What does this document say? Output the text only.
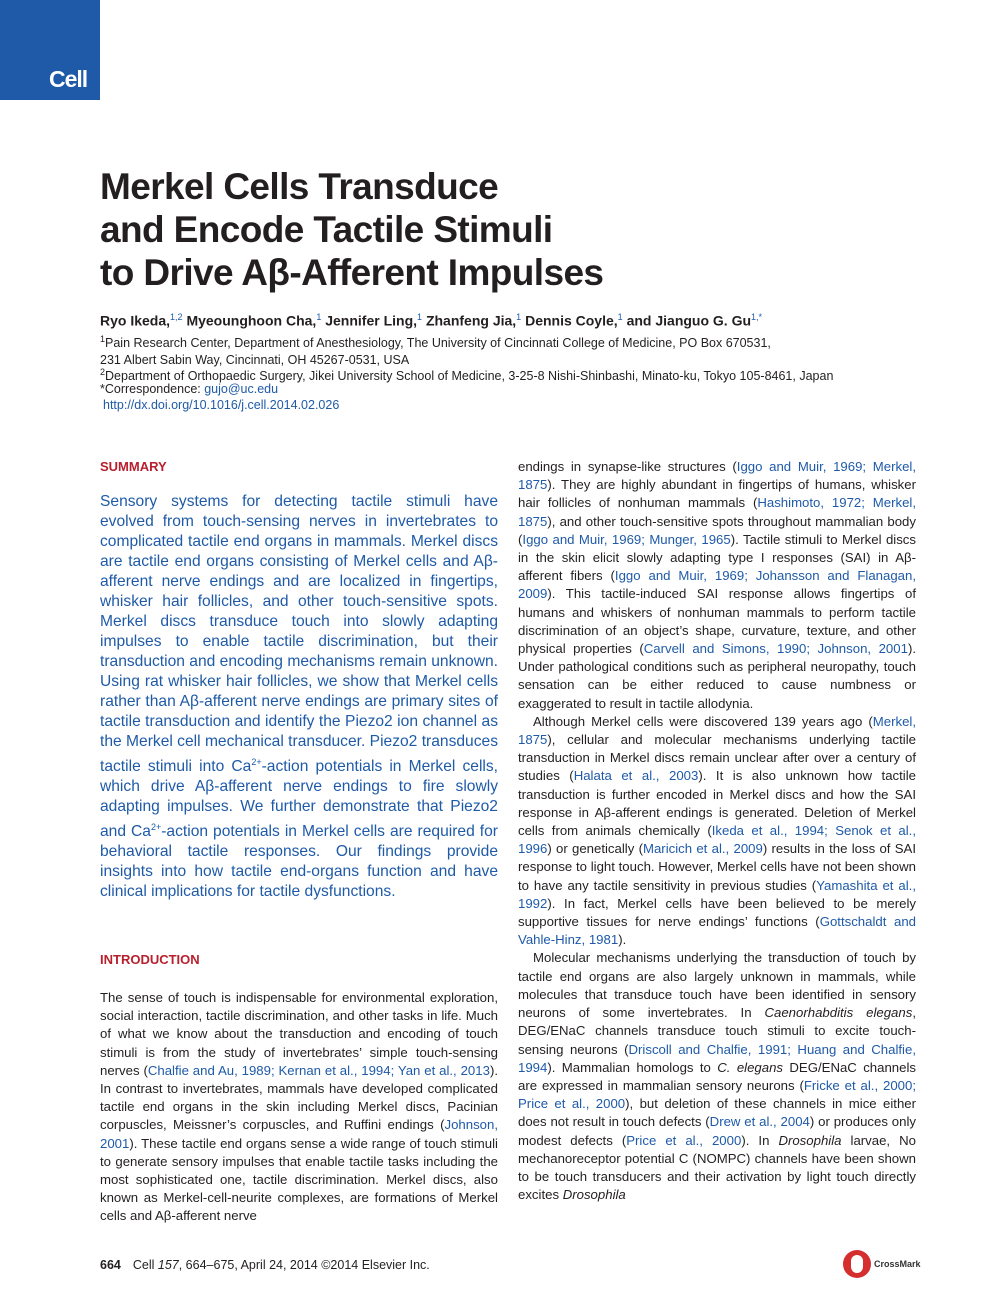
Cell
Merkel Cells Transduce
and Encode Tactile Stimuli
to Drive Aβ-Afferent Impulses
Ryo Ikeda,$^{1,2}$ Myeounghoon Cha,$^1$ Jennifer Ling,$^1$ Zhanfeng Jia,$^1$ Dennis Coyle,$^1$ and Jianguo G. $Gu^{1,*}$
$^1$Pain Research Center, Department of Anesthesiology, The University of Cincinnati College of Medicine, PO Box 670531,
231 Albert Sabin Way, Cincinnati, OH 45267-0531, USA
$^2$Department of Orthopaedic Surgery, Jikei University School of Medicine, 3-25-8 Nishi-Shinbashi, Minato-ku, Tokyo 105-8461, Japan
*Correspondence: gujo@uc.edu
http://dx.doi.org/10.1016/j.cell.2014.02.026
SUMMARY
Sensory systems for detecting tactile stimuli have evolved from touch-sensing nerves in invertebrates to complicated tactile end organs in mammals. Merkel discs are tactile end organs consisting of Merkel cells and Aβ-afferent nerve endings and are localized in fingertips, whisker hair follicles, and other touch-sensitive spots. Merkel discs transduce touch into slowly adapting impulses to enable tactile discrimination, but their transduction and encoding mechanisms remain unknown. Using rat whisker hair follicles, we show that Merkel cells rather than Aβ-afferent nerve endings are primary sites of tactile transduction and identify the Piezo2 ion channel as the Merkel cell mechanical transducer. Piezo2 transduces tactile stimuli into $Ca^{2+}$-action potentials in Merkel cells, which drive Aβ-afferent nerve endings to fire slowly adapting impulses. We further demonstrate that Piezo2 and $Ca^{2+}$-action potentials in Merkel cells are required for behavioral tactile responses. Our findings provide insights into how tactile end-organs function and have clinical implications for tactile dysfunctions.
INTRODUCTION

The sense of touch is indispensable for environmental exploration, social interaction, tactile discrimination, and other tasks in life. Much of what we know about the transduction and encoding of touch stimuli is from the study of invertebrates’ simple touch-sensing nerves (Chalfie and Au, 1989; Kernan et al., 1994; Yan et al., 2013). In contrast to invertebrates, mammals have developed complicated tactile end organs in the skin including Merkel discs, Pacinian corpuscles, Meissner’s corpuscles, and Ruffini endings (Johnson, 2001). These tactile end organs sense a wide range of touch stimuli to generate sensory impulses that enable tactile tasks including the most sophisticated one, tactile discrimination. Merkel discs, also known as Merkel-cell-neurite complexes, are formations of Merkel cells and Aβ-afferent nerve

endings in synapse-like structures (Iggo and Muir, 1969; Merkel, 1875). They are highly abundant in fingertips of humans, whisker hair follicles of nonhuman mammals (Hashimoto, 1972; Merkel, 1875), and other touch-sensitive spots throughout mammalian body (Iggo and Muir, 1969; Munger, 1965). Tactile stimuli to Merkel discs in the skin elicit slowly adapting type I responses (SAI) in Aβ-afferent fibers (Iggo and Muir, 1969; Johansson and Flanagan, 2009). This tactile-induced SAI response allows fingertips of humans and whiskers of nonhuman mammals to perform tactile discrimination of an object’s shape, curvature, texture, and other physical properties (Carvell and Simons, 1990; Johnson, 2001). Under pathological conditions such as peripheral neuropathy, touch sensation can be either reduced to cause numbness or exaggerated to result in tactile allodynia.

Although Merkel cells were discovered 139 years ago (Merkel, 1875), cellular and molecular mechanisms underlying tactile transduction in Merkel discs remain unclear after over a century of studies (Halata et al., 2003). It is also unknown how tactile transduction is further encoded in Merkel discs and how the SAI response in Aβ-afferent endings is generated. Deletion of Merkel cells from animals chemically (Ikeda et al., 1994; Senok et al., 1996) or genetically (Maricich et al., 2009) results in the loss of SAI response to light touch. However, Merkel cells have not been shown to have any tactile sensitivity in previous studies (Yamashita et al., 1992). In fact, Merkel cells have been believed to be merely supportive tissues for nerve endings’ functions (Gottschaldt and Vahle-Hinz, 1981).

Molecular mechanisms underlying the transduction of touch by tactile end organs are also largely unknown in mammals, while molecules that transduce touch have been identified in sensory neurons of some invertebrates. In Caenorhabditis elegans, DEG/ENaC channels transduce touch stimuli to excite touch-sensing neurons (Driscoll and Chalfie, 1991; Huang and Chalfie, 1994). Mammalian homologs to C. elegans DEG/ENaC channels are expressed in mammalian sensory neurons (Fricke et al., 2000; Price et al., 2000), but deletion of these channels in mice either does not result in touch defects (Drew et al., 2004) or produces only modest defects (Price et al., 2000). In Drosophila larvae, No mechanoreceptor potential C (NOMPC) channels have been shown to be touch transducers and their activation by light touch directly excites Drosophila

664 Cell 157, 664–675, April 24, 2014 ©2014 Elsevier Inc.	CrossMark
